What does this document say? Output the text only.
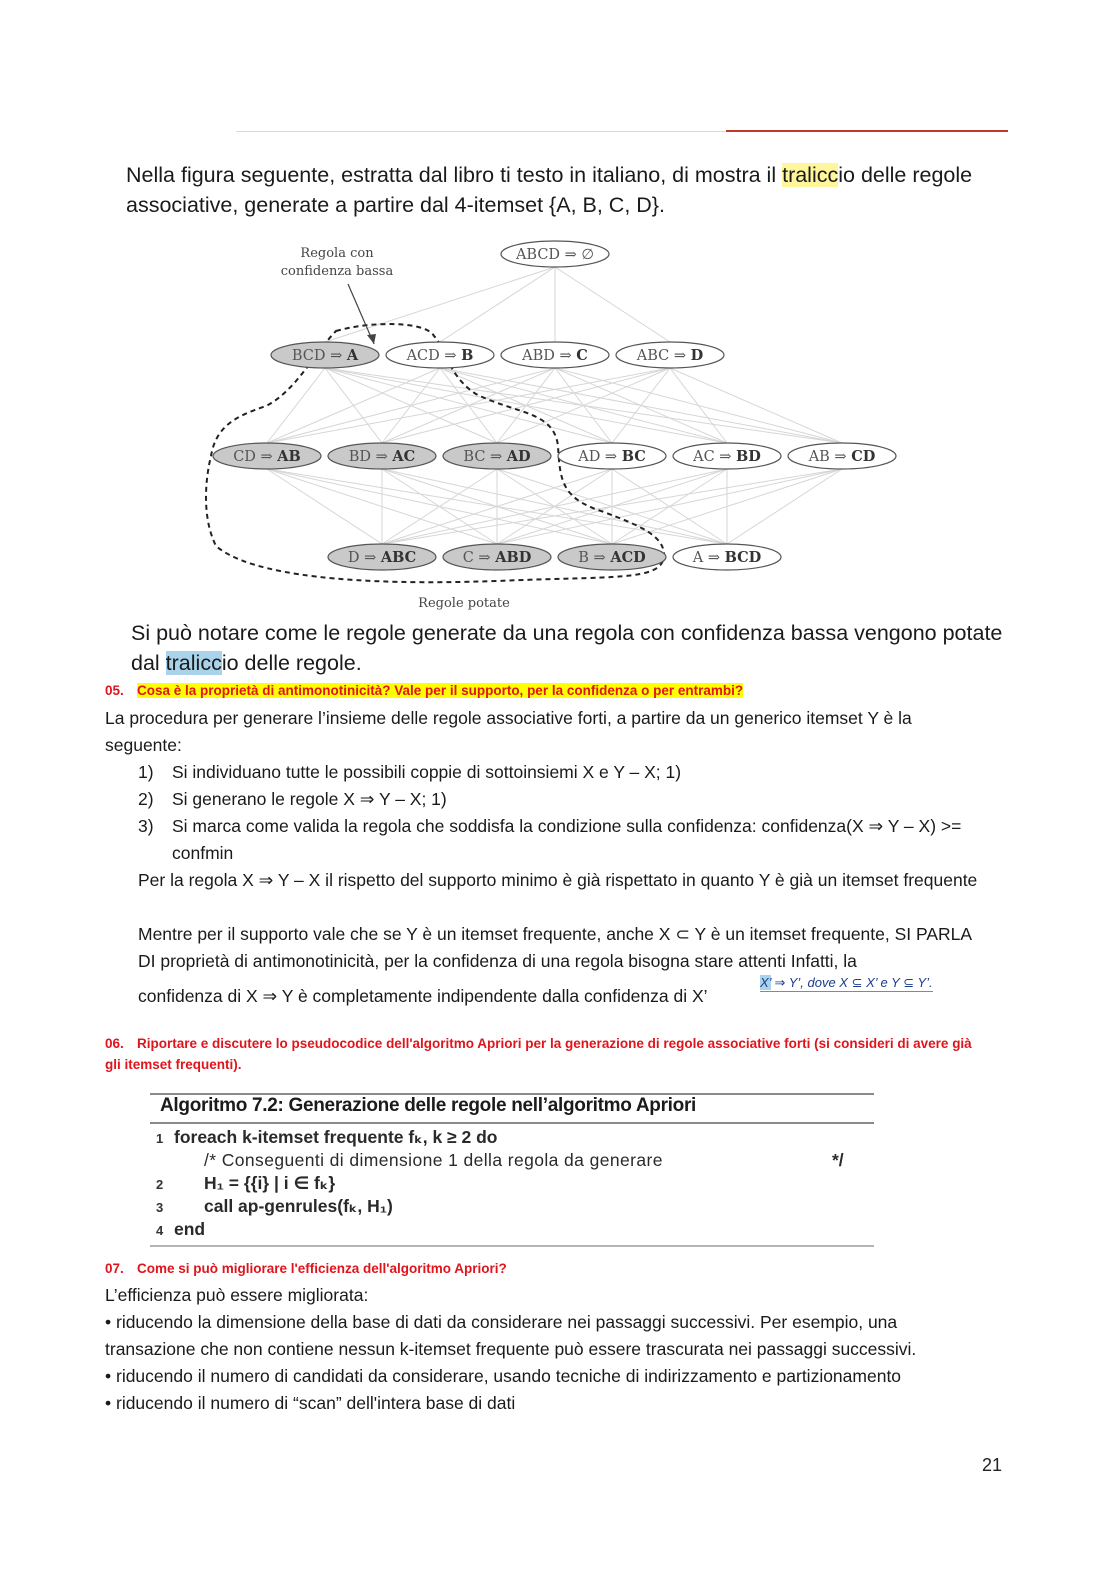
Nella figura seguente, estratta dal libro ti testo in italiano, di mostra il traliccio delle regole associative, generate a partire dal 4-itemset {A, B, C, D}.
ABCD ⇒ ∅
BCD ⇒ A	ACD ⇒ B	ABD ⇒ C	ABC ⇒ D
CD ⇒ AB	BD ⇒ AC	BC ⇒ AD	AD ⇒ BC	AC ⇒ BD	AB ⇒ CD
D ⇒ ABC	C ⇒ ABD	B ⇒ ACD	A ⇒ BCD
Regola con
confidenza bassa
Regole potate
Si può notare come le regole generate da una regola con confidenza bassa vengono potate dal traliccio delle regole.
05. Cosa è la proprietà di antimonotinicità? Vale per il supporto, per la confidenza o per entrambi?
La procedura per generare l’insieme delle regole associative forti, a partire da un generico itemset Y è la seguente:
1) Si individuano tutte le possibili coppie di sottoinsiemi X e Y – X; 1)
2) Si generano le regole X ⇒ Y – X; 1)
3) Si marca come valida la regola che soddisfa la condizione sulla confidenza: confidenza(X ⇒ Y – X) >= confmin
Per la regola X ⇒ Y – X il rispetto del supporto minimo è già rispettato in quanto Y è già un itemset frequente
Mentre per il supporto vale che se Y è un itemset frequente, anche X ⊂ Y è un itemset frequente, SI PARLA DI proprietà di antimonotinicità, per la confidenza di una regola bisogna stare attenti Infatti, la
confidenza di X ⇒ Y è completamente indipendente dalla confidenza di X’
X’ ⇒ Y’, dove X ⊆ X’ e Y ⊆ Y’.
06. Riportare e discutere lo pseudocodice dell'algoritmo Apriori per la generazione di regole associative forti (si consideri di avere già gli itemset frequenti).
Algoritmo 7.2: Generazione delle regole nell’algoritmo Apriori
1 foreach k-itemset frequente fₖ, k ≥ 2 do
/* Conseguenti di dimensione 1 della regola da generare	*/
2 H₁ = {{i} | i ∈ fₖ}
3 call ap-genrules(fₖ, H₁)
4 end
07. Come si può migliorare l'efficienza dell'algoritmo Apriori?
L’efficienza può essere migliorata:
• riducendo la dimensione della base di dati da considerare nei passaggi successivi. Per esempio, una transazione che non contiene nessun k-itemset frequente può essere trascurata nei passaggi successivi.
• riducendo il numero di candidati da considerare, usando tecniche di indirizzamento e partizionamento
• riducendo il numero di “scan” dell'intera base di dati
21
